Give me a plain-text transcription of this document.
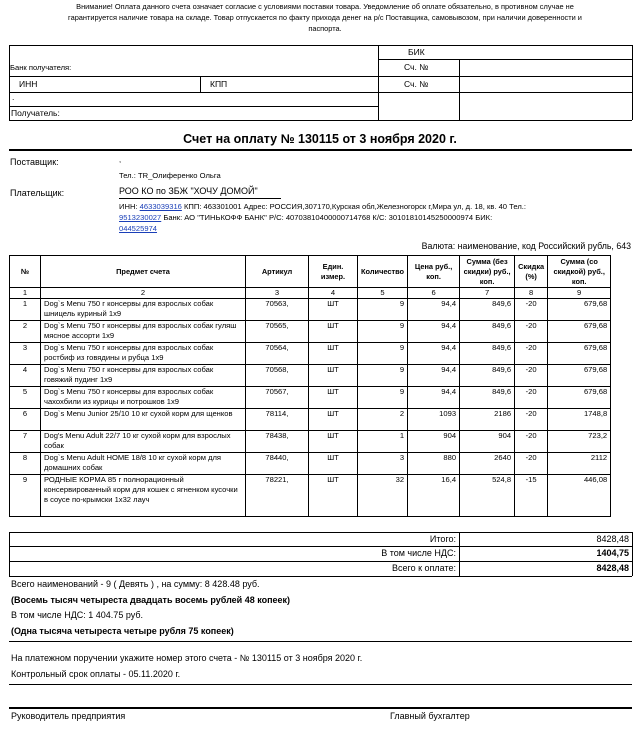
Внимание! Оплата данного счета означает согласие с условиями поставки товара. Уведомление об оплате обязательно, в противном случае не гарантируется наличие товара на складе. Товар отпускается по факту прихода денег на р/с Поставщика, самовывозом, при наличии доверенности и паспорта.
БИК
Сч. №
Банк получателя:
ИНН	КПП	Сч. №
.
Получатель:
Счет на оплату № 130115 от 3 ноября 2020 г.
Поставщик:	,
Тел.: TR_Олиференко Ольга
Плательщик:	РОО КО по ЗБЖ "ХОЧУ ДОМОЙ"
ИНН: 4633039316 КПП: 463301001 Адрес: РОССИЯ,307170,Курская обл,Железногорск г,Мира ул, д. 18, кв. 40 Тел.:
9513230027 Банк: АО "ТИНЬКОФФ БАНК" Р/С: 40703810400000714768 К/С: 30101810145250000974 БИК:
044525974
Валюта: наименование, код Российский рубль, 643
№	Предмет счета	Артикул	Един. измер.	Количество	Цена руб., коп.	Сумма (без скидки) руб., коп.	Скидка (%)	Сумма (со скидкой) руб., коп.
1	2	3	4	5	6	7	8	9
1	Dog`s Menu 750 г консервы для взрослых собак шницель куриный 1х9	70563,	ШТ	9	94,4	849,6	-20	679,68
2	Dog`s Menu 750 г консервы для взрослых собак гуляш мясное ассорти 1х9	70565,	ШТ	9	94,4	849,6	-20	679,68
3	Dog`s Menu 750 г консервы для взрослых собак ростбиф из говядины и рубца 1х9	70564,	ШТ	9	94,4	849,6	-20	679,68
4	Dog`s Menu 750 г консервы для взрослых собак говяжий пудинг 1х9	70568,	ШТ	9	94,4	849,6	-20	679,68
5	Dog`s Menu 750 г консервы для взрослых собак чахохбили из курицы и потрошков 1х9	70567,	ШТ	9	94,4	849,6	-20	679,68
6	Dog`s Menu Junior 25/10 10 кг сухой корм для щенков	78114,	ШТ	2	1093	2186	-20	1748,8
7	Dog's Menu Adult 22/7 10 кг сухой корм для взрослых собак	78438,	ШТ	1	904	904	-20	723,2
8	Dog`s Menu Adult HOME 18/8 10 кг сухой корм для домашних собак	78440,	ШТ	3	880	2640	-20	2112
9	РОДНЫЕ КОРМА 85 г полнорационный консервированный корм для кошек с ягненком кусочки в соусе по-крымски 1х32 лауч	78221,	ШТ	32	16,4	524,8	-15	446,08
Итого:	8428,48
В том числе НДС:	1404,75
Всего к оплате:	8428,48
Всего наименований - 9 ( Девять ) , на сумму: 8 428.48 руб.
(Восемь тысяч четыреста двадцать восемь рублей 48 копеек)
В том числе НДС: 1 404.75 руб.
(Одна тысяча четыреста четыре рубля 75 копеек)
На платежном поручении укажите номер этого счета - № 130115 от 3 ноября 2020 г.
Контрольный срок оплаты - 05.11.2020 г.
Руководитель предприятия	Главный бухгалтер
